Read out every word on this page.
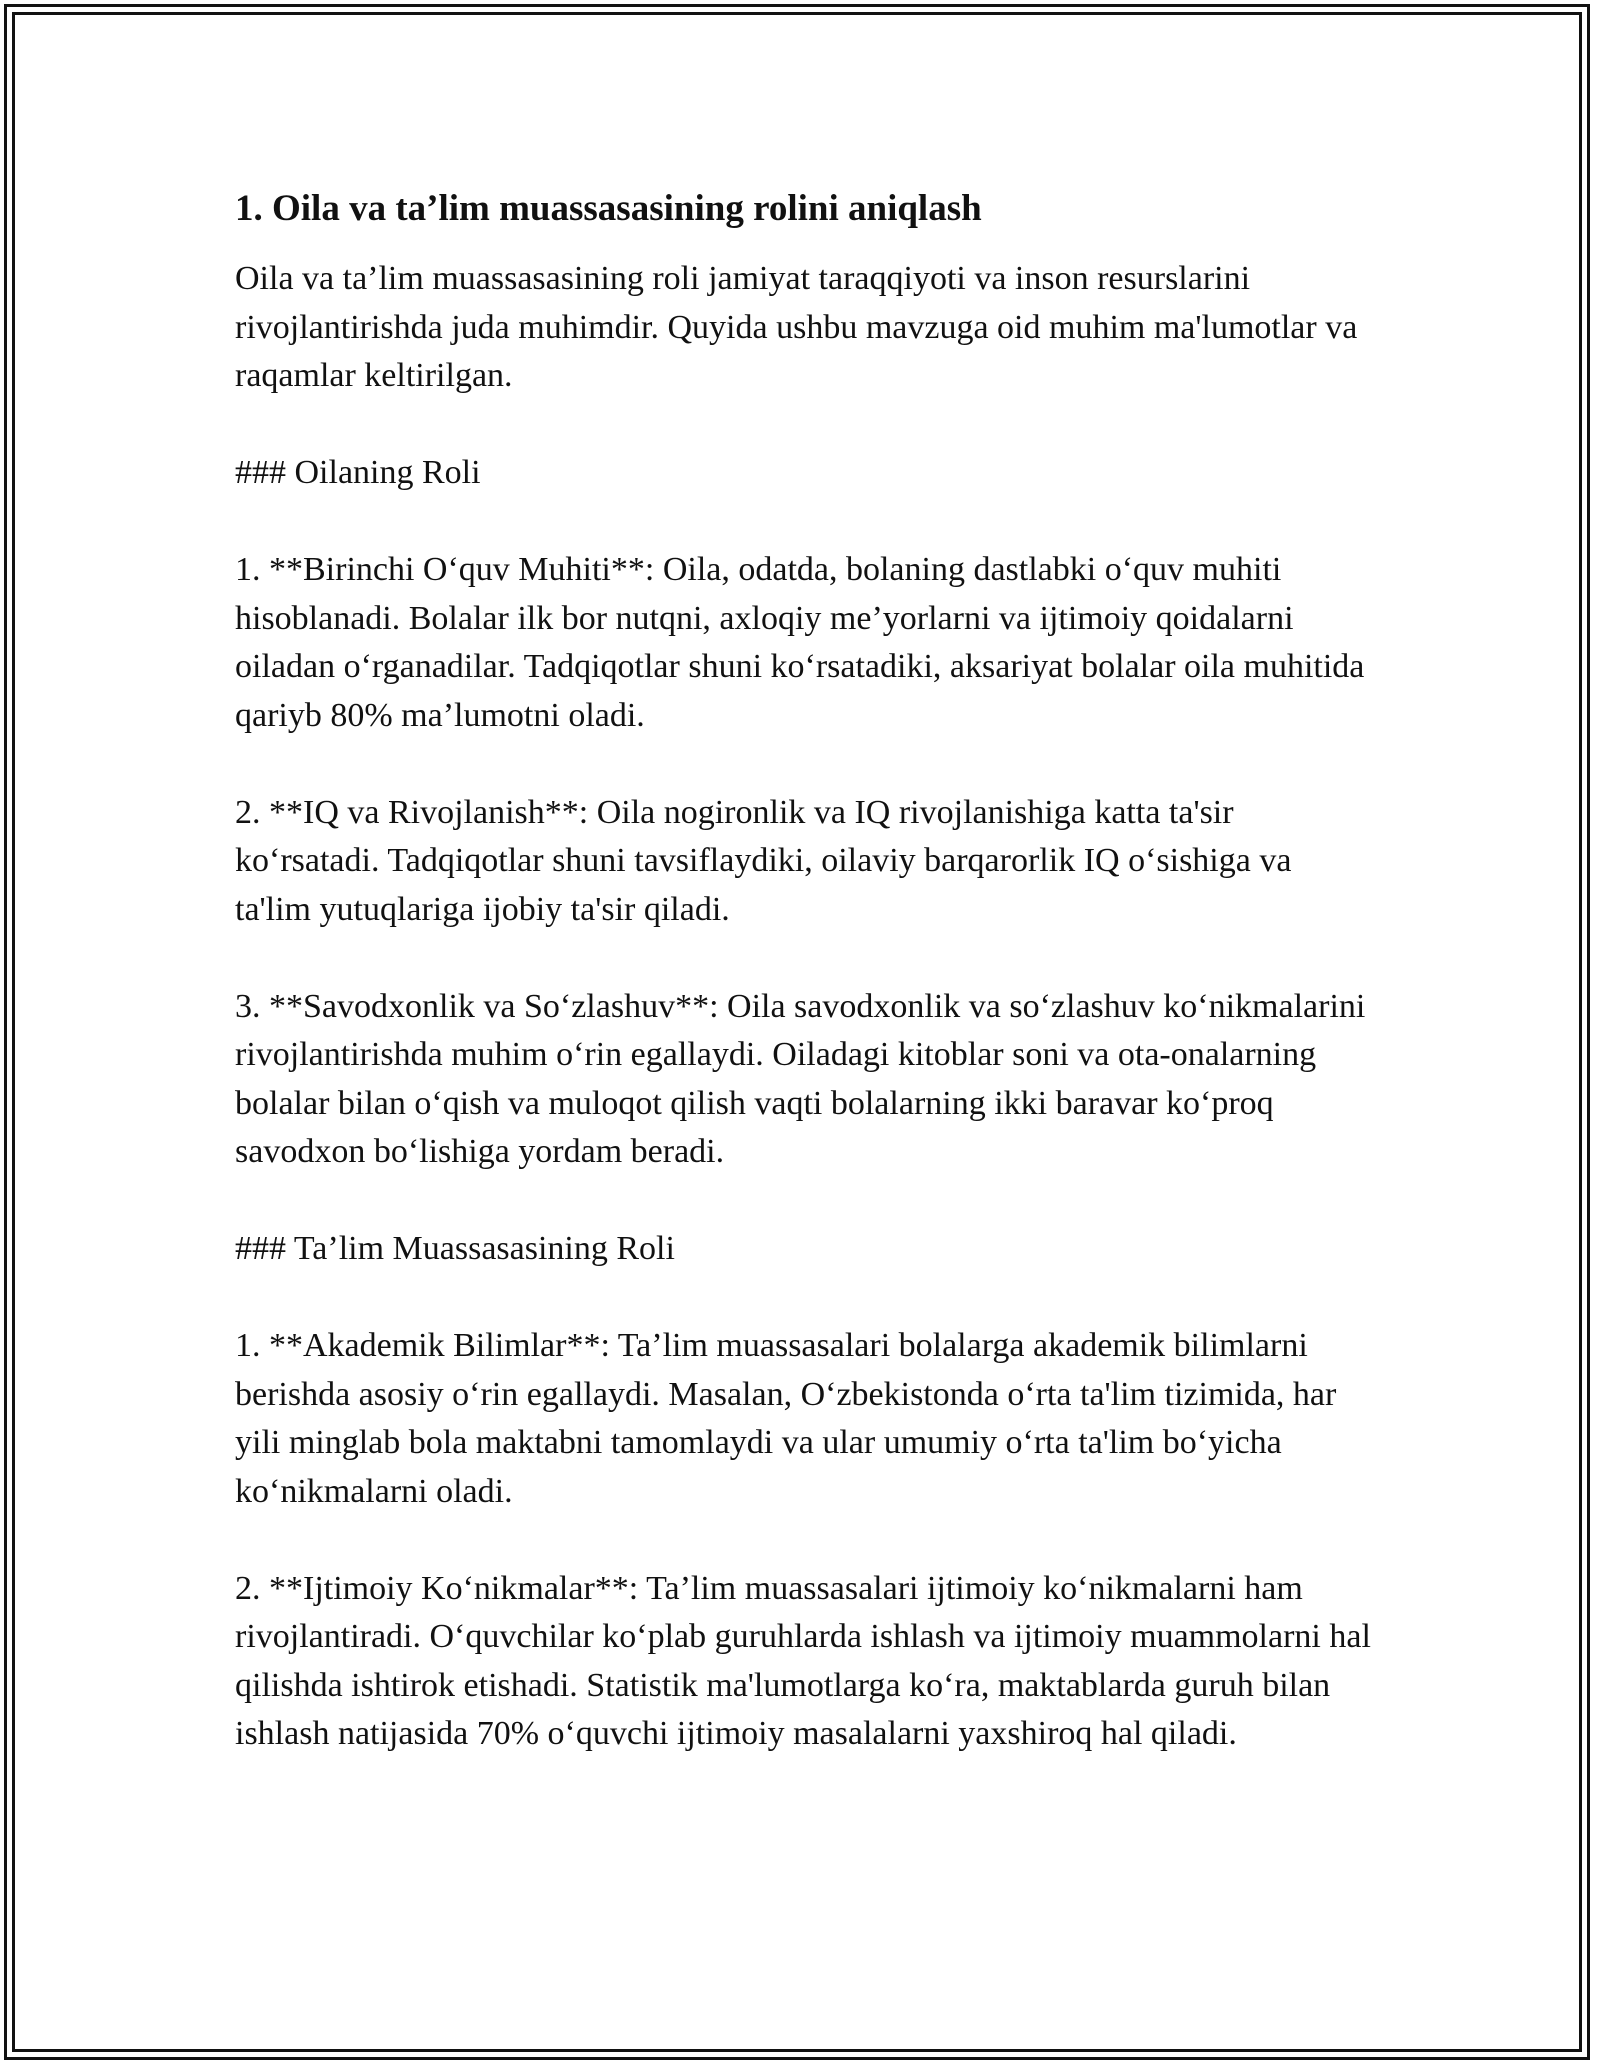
1. Oila va ta’lim muassasasining rolini aniqlash

Oila va ta’lim muassasasining roli jamiyat taraqqiyoti va inson resurslarini rivojlantirishda juda muhimdir. Quyida ushbu mavzuga oid muhim ma'lumotlar va raqamlar keltirilgan.

### Oilaning Roli

1. **Birinchi O‘quv Muhiti**: Oila, odatda, bolaning dastlabki o‘quv muhiti hisoblanadi. Bolalar ilk bor nutqni, axloqiy me’yorlarni va ijtimoiy qoidalarni oiladan o‘rganadilar. Tadqiqotlar shuni ko‘rsatadiki, aksariyat bolalar oila muhitida qariyb 80% ma’lumotni oladi.

2. **IQ va Rivojlanish**: Oila nogironlik va IQ rivojlanishiga katta ta'sir ko‘rsatadi. Tadqiqotlar shuni tavsiflaydiki, oilaviy barqarorlik IQ o‘sishiga va ta'lim yutuqlariga ijobiy ta'sir qiladi.

3. **Savodxonlik va So‘zlashuv**: Oila savodxonlik va so‘zlashuv ko‘nikmalarini rivojlantirishda muhim o‘rin egallaydi. Oiladagi kitoblar soni va ota-onalarning bolalar bilan o‘qish va muloqot qilish vaqti bolalarning ikki baravar ko‘proq savodxon bo‘lishiga yordam beradi.

### Ta’lim Muassasasining Roli

1. **Akademik Bilimlar**: Ta’lim muassasalari bolalarga akademik bilimlarni berishda asosiy o‘rin egallaydi. Masalan, O‘zbekistonda o‘rta ta'lim tizimida, har yili minglab bola maktabni tamomlaydi va ular umumiy o‘rta ta'lim bo‘yicha ko‘nikmalarni oladi.

2. **Ijtimoiy Ko‘nikmalar**: Ta’lim muassasalari ijtimoiy ko‘nikmalarni ham rivojlantiradi. O‘quvchilar ko‘plab guruhlarda ishlash va ijtimoiy muammolarni hal qilishda ishtirok etishadi. Statistik ma'lumotlarga ko‘ra, maktablarda guruh bilan ishlash natijasida 70% o‘quvchi ijtimoiy masalalarni yaxshiroq hal qiladi.
